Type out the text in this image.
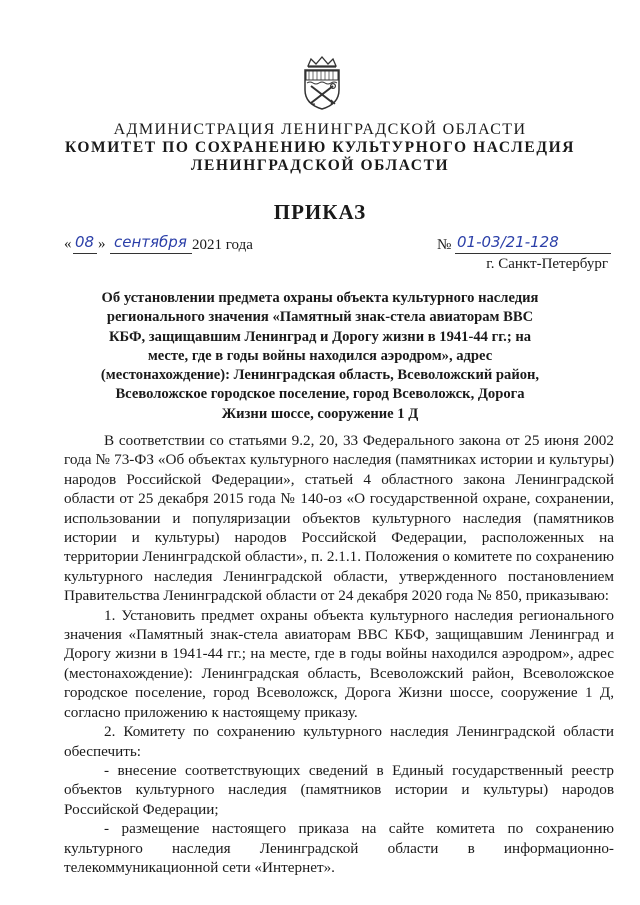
АДМИНИСТРАЦИЯ ЛЕНИНГРАДСКОЙ ОБЛАСТИ
КОМИТЕТ ПО СОХРАНЕНИЮ КУЛЬТУРНОГО НАСЛЕДИЯ
ЛЕНИНГРАДСКОЙ ОБЛАСТИ
ПРИКАЗ
« 08 » сентября 2021 года	№ 01-03/21-128
г. Санкт-Петербург
Об установлении предмета охраны объекта культурного наследия регионального значения «Памятный знак-стела авиаторам ВВС КБФ, защищавшим Ленинград и Дорогу жизни в 1941-44 гг.; на месте, где в годы войны находился аэродром», адрес (местонахождение): Ленинградская область, Всеволожский район, Всеволожское городское поселение, город Всеволожск, Дорога Жизни шоссе, сооружение 1 Д

В соответствии со статьями 9.2, 20, 33 Федерального закона от 25 июня 2002 года № 73-ФЗ «Об объектах культурного наследия (памятниках истории и культуры) народов Российской Федерации», статьей 4 областного закона Ленинградской области от 25 декабря 2015 года № 140-оз «О государственной охране, сохранении, использовании и популяризации объектов культурного наследия (памятников истории и культуры) народов Российской Федерации, расположенных на территории Ленинградской области», п. 2.1.1. Положения о комитете по сохранению культурного наследия Ленинградской области, утвержденного постановлением Правительства Ленинградской области от 24 декабря 2020 года № 850, приказываю:

1. Установить предмет охраны объекта культурного наследия регионального значения «Памятный знак-стела авиаторам ВВС КБФ, защищавшим Ленинград и Дорогу жизни в 1941-44 гг.; на месте, где в годы войны находился аэродром», адрес (местонахождение): Ленинградская область, Всеволожский район, Всеволожское городское поселение, город Всеволожск, Дорога Жизни шоссе, сооружение 1 Д, согласно приложению к настоящему приказу.

2. Комитету по сохранению культурного наследия Ленинградской области обеспечить:

- внесение соответствующих сведений в Единый государственный реестр объектов культурного наследия (памятников истории и культуры) народов Российской Федерации;

- размещение настоящего приказа на сайте комитета по сохранению культурного наследия Ленинградской области в информационно-телекоммуникационной сети «Интернет».
